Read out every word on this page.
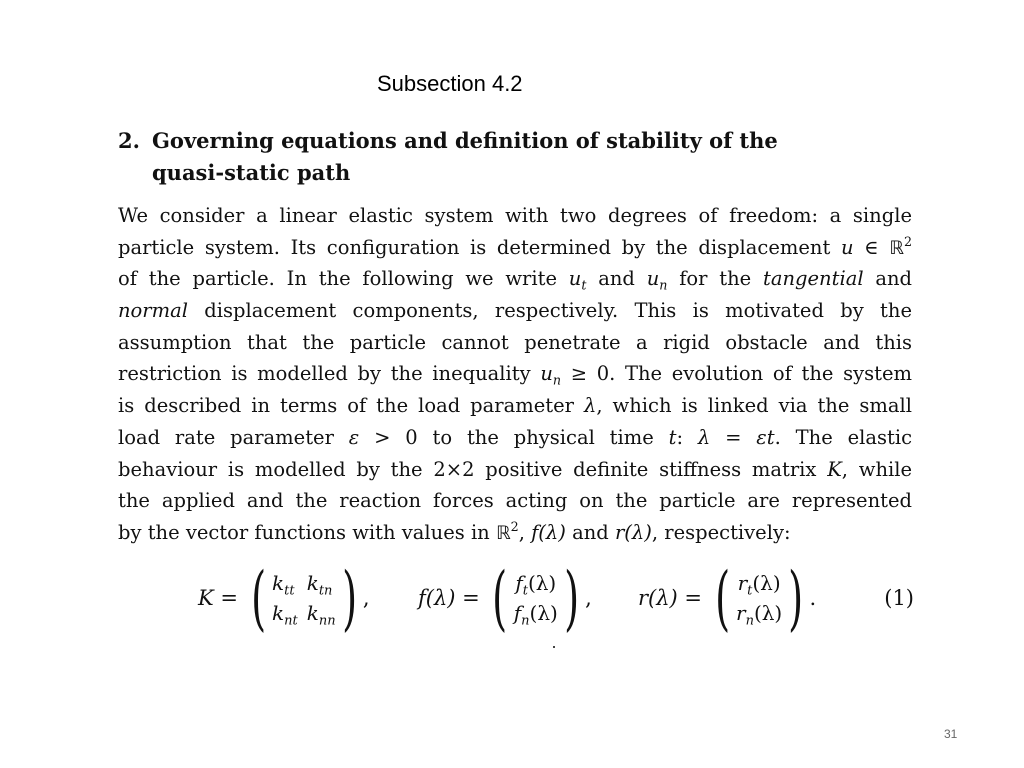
Subsection 4.2
2. Governing equations and definition of stability of the
quasi-static path
We consider a linear elastic system with two degrees of freedom: a single
particle system. Its configuration is determined by the displacement u ∈ ℝ$^2$
of the particle. In the following we write $u_t$ and $u_n$ for the tangential and
normal displacement components, respectively. This is motivated by the
assumption that the particle cannot penetrate a rigid obstacle and this
restriction is modelled by the inequality $u_n \ge 0$. The evolution of the system
is described in terms of the load parameter λ, which is linked via the small
load rate parameter ε > 0 to the physical time t: λ = εt. The elastic
behaviour is modelled by the 2×2 positive definite stiffness matrix K, while
the applied and the reaction forces acting on the particle are represented
by the vector functions with values in ℝ$^2$, f(λ) and r(λ), respectively:
K =
( $k_{tt}$ $k_{tn}$
$k_{nt}$ $k_{nn}$ ) , f(λ) =
( $f_t(\lambda)$
$f_n(\lambda)$ ) , r(λ) =
( $r_t(\lambda)$
$r_n(\lambda)$ ) .	(1)
31
